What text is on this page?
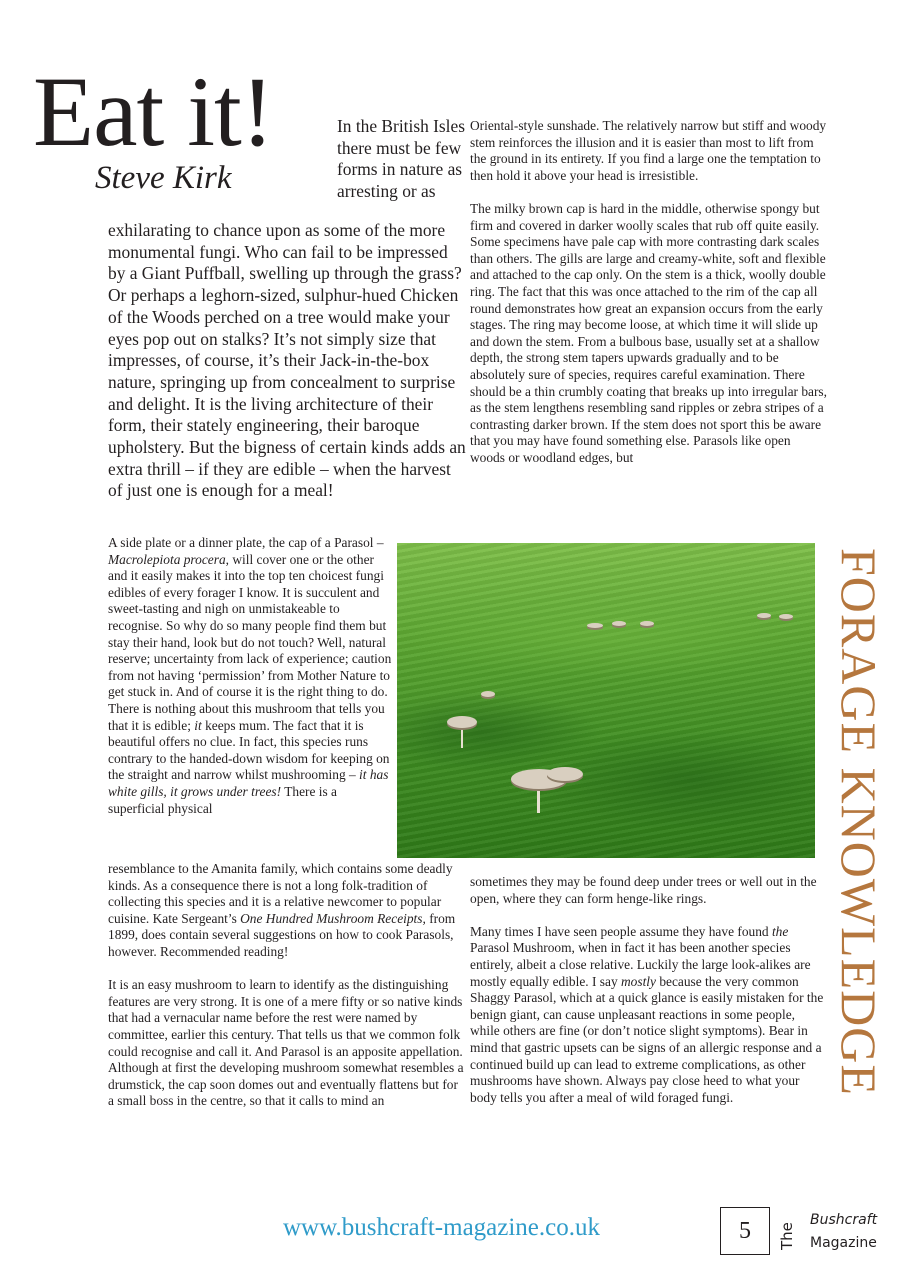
Eat it!
Steve Kirk
In the British Isles there must be few forms in nature as arresting or as
exhilarating to chance upon as some of the more monumental fungi. Who can fail to be impressed by a Giant Puffball, swelling up through the grass? Or perhaps a leghorn-sized, sulphur-hued Chicken of the Woods perched on a tree would make your eyes pop out on stalks? It’s not simply size that impresses, of course, it’s their Jack-in-the-box nature, springing up from concealment to surprise and delight. It is the living architecture of their form, their stately engineering, their baroque upholstery. But the bigness of certain kinds adds an extra thrill – if they are edible – when the harvest of just one is enough for a meal!

A side plate or a dinner plate, the cap of a Parasol – Macrolepiota procera, will cover one or the other and it easily makes it into the top ten choicest fungi edibles of every forager I know. It is succulent and sweet-tasting and nigh on unmistakeable to recognise. So why do so many people find them but stay their hand, look but do not touch? Well, natural reserve; uncertainty from lack of experience; caution from not having ‘permission’ from Mother Nature to get stuck in. And of course it is the right thing to do. There is nothing about this mushroom that tells you that it is edible; it keeps mum. The fact that it is beautiful offers no clue. In fact, this species runs contrary to the handed-down wisdom for keeping on the straight and narrow whilst mushrooming – it has white gills, it grows under trees! There is a superficial physical

resemblance to the Amanita family, which contains some deadly kinds. As a consequence there is not a long folk-tradition of collecting this species and it is a relative newcomer to popular cuisine. Kate Sergeant’s One Hundred Mushroom Receipts, from 1899, does contain several suggestions on how to cook Parasols, however. Recommended reading!

It is an easy mushroom to learn to identify as the distinguishing features are very strong. It is one of a mere fifty or so native kinds that had a vernacular name before the rest were named by committee, earlier this century. That tells us that we common folk could recognise and call it. And Parasol is an apposite appellation. Although at first the developing mushroom somewhat resembles a drumstick, the cap soon domes out and eventually flattens but for a small boss in the centre, so that it calls to mind an

Oriental-style sunshade. The relatively narrow but stiff and woody stem reinforces the illusion and it is easier than most to lift from the ground in its entirety. If you find a large one the temptation to then hold it above your head is irresistible.

The milky brown cap is hard in the middle, otherwise spongy but firm and covered in darker woolly scales that rub off quite easily. Some specimens have pale cap with more contrasting dark scales than others. The gills are large and creamy-white, soft and flexible and attached to the cap only. On the stem is a thick, woolly double ring. The fact that this was once attached to the rim of the cap all round demonstrates how great an expansion occurs from the early stages. The ring may become loose, at which time it will slide up and down the stem. From a bulbous base, usually set at a shallow depth, the strong stem tapers upwards gradually and to be absolutely sure of species, requires careful examination. There should be a thin crumbly coating that breaks up into irregular bars, as the stem lengthens resembling sand ripples or zebra stripes of a contrasting darker brown. If the stem does not sport this be aware that you may have found something else. Parasols like open woods or woodland edges, but

sometimes they may be found deep under trees or well out in the open, where they can form henge-like rings.

Many times I have seen people assume they have found the Parasol Mushroom, when in fact it has been another species entirely, albeit a close relative. Luckily the large look-alikes are mostly equally edible. I say mostly because the very common Shaggy Parasol, which at a quick glance is easily mistaken for the benign giant, can cause unpleasant reactions in some people, while others are fine (or don’t notice slight symptoms). Bear in mind that gastric upsets can be signs of an allergic response and a continued build up can lead to extreme complications, as other mushrooms have shown. Always pay close heed to what your body tells you after a meal of wild foraged fungi.

FORAGE KNOWLEDGE
www.bushcraft-magazine.co.uk	5	The
Bushcraft
Magazine
